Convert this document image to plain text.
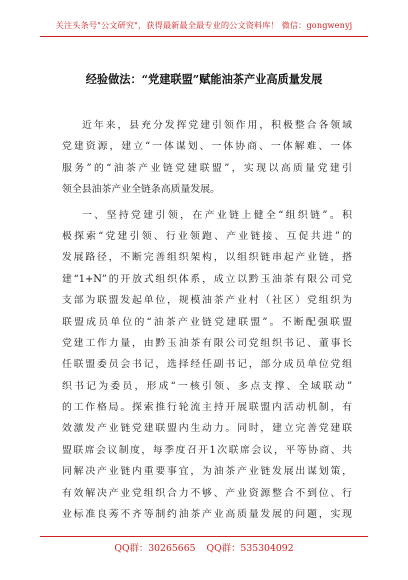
关注头条号"公文研究"，获得最新最全最专业的公文资料库！ 微信：gongwenyj
经验做法：“党建联盟”赋能油茶产业高质量发展
近年来，县充分发挥党建引领作用，积极整合各领域
党建资源，建立“一体谋划、一体协商、一体解难、一体
服务”的“油茶产业链党建联盟”，实现以高质量党建引
领全县油茶产业全链条高质量发展。
一、坚持党建引领，在产业链上健全“组织链”。积
极探索“党建引领、行业领跑、产业链接、互促共进”的
发展路径，不断完善组织架构，以组织链串起产业链，搭
建“1+N”的开放式组织体系，成立以黔玉油茶有限公司党
支部为联盟发起单位，规模油茶产业村（社区）党组织为
联盟成员单位的“油茶产业链党建联盟”。不断配强联盟
党建工作力量，由黔玉油茶有限公司党组织书记、董事长
任联盟委员会书记，选择经任副书记，部分成员单位党组
织书记为委员，形成“一核引领、多点支撑、全域联动”
的工作格局。探索推行轮流主持开展联盟内活动机制，有
效激发产业链党建联盟内生动力。同时，建立完善党建联
盟联席会议制度，每季度召开1次联席会议，平等协商、共
同解决产业链内重要事宜，为油茶产业链发展出谋划策，
有效解决产业党组织合力不够、产业资源整合不到位、行
业标准良莠不齐等制约油茶产业高质量发展的问题，实现
QQ群：30265665 QQ群：535304092
